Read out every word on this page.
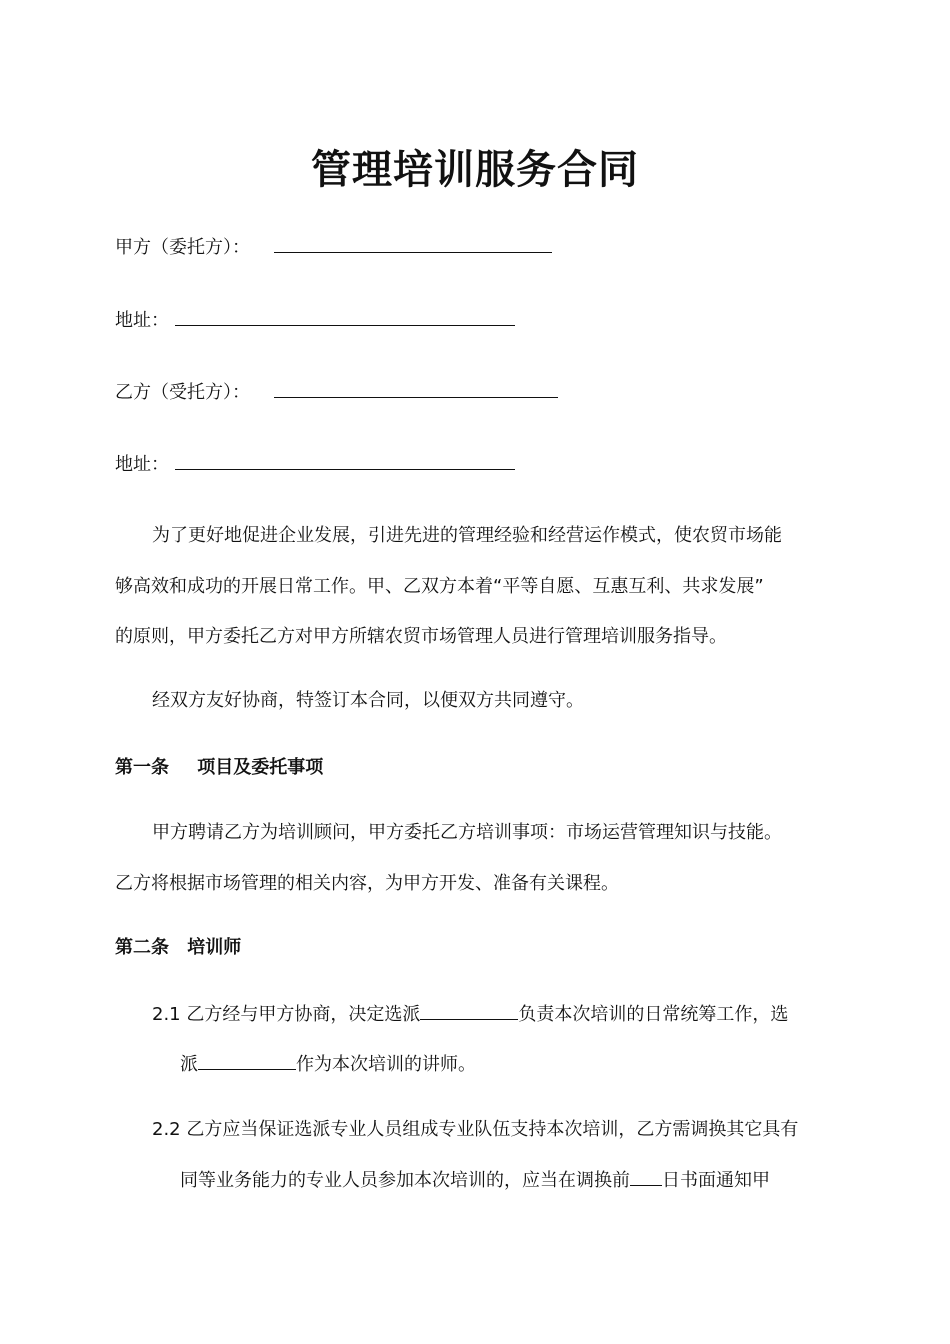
管理培训服务合同
甲方（委托方）：
地址：
乙方（受托方）：
地址：
为了更好地促进企业发展，引进先进的管理经验和经营运作模式，使农贸市场能
够高效和成功的开展日常工作。甲、乙双方本着“平等自愿、互惠互利、共求发展”
的原则，甲方委托乙方对甲方所辖农贸市场管理人员进行管理培训服务指导。
经双方友好协商，特签订本合同，以便双方共同遵守。
第一条 项目及委托事项
甲方聘请乙方为培训顾问，甲方委托乙方培训事项：市场运营管理知识与技能。
乙方将根据市场管理的相关内容，为甲方开发、准备有关课程。
第二条 培训师
2.1 乙方经与甲方协商，决定选派	负责本次培训的日常统筹工作，选
派	作为本次培训的讲师。
2.2 乙方应当保证选派专业人员组成专业队伍支持本次培训，乙方需调换其它具有
同等业务能力的专业人员参加本次培训的，应当在调换前 日书面通知甲
